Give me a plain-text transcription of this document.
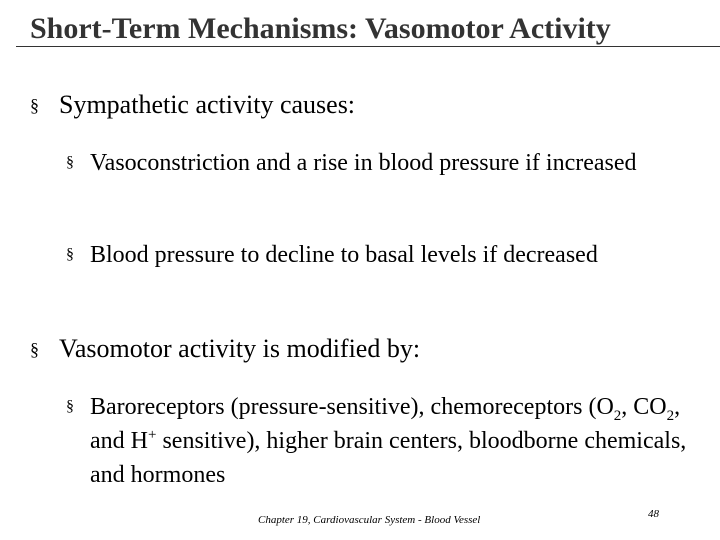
Short-Term Mechanisms: Vasomotor Activity
§ Sympathetic activity causes:
§ Vasoconstriction and a rise in blood pressure if increased
§ Blood pressure to decline to basal levels if decreased
§ Vasomotor activity is modified by:
§ Baroreceptors (pressure-sensitive), chemoreceptors ($O_2$, $CO_2$, and H+ sensitive), higher brain centers, bloodborne chemicals, and hormones
Chapter 19, Cardiovascular System - Blood Vessel	48
